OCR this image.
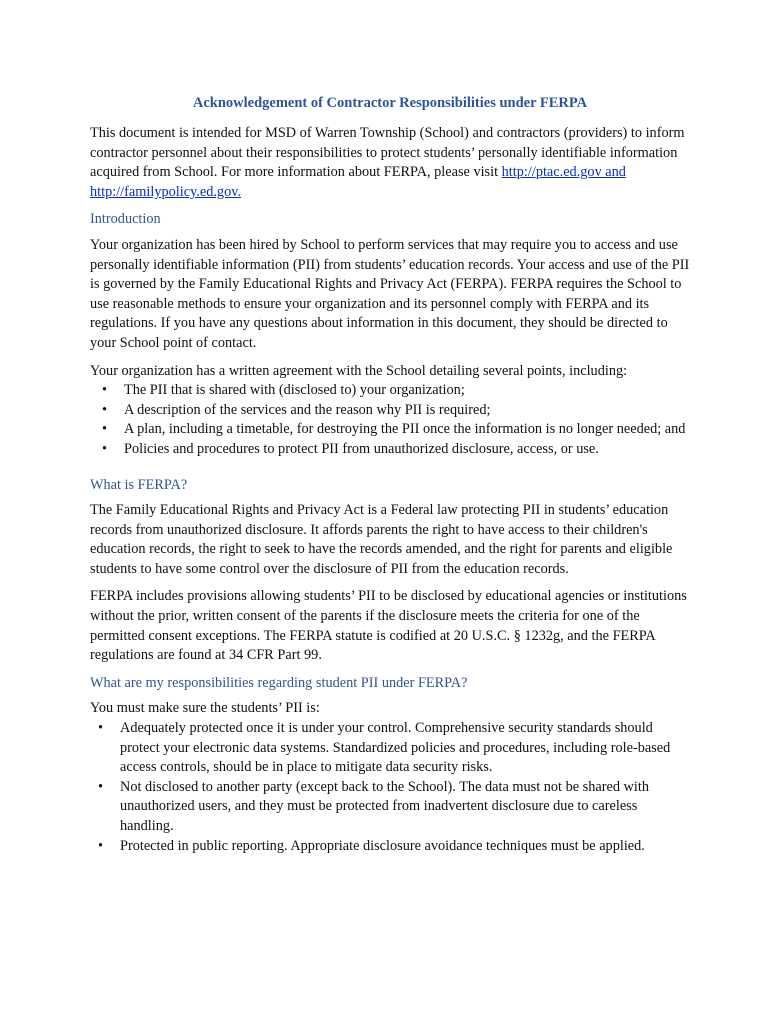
Acknowledgement of Contractor Responsibilities under FERPA

This document is intended for MSD of Warren Township (School) and contractors (providers) to inform contractor personnel about their responsibilities to protect students’ personally identifiable information acquired from School. For more information about FERPA, please visit http://ptac.ed.gov and http://familypolicy.ed.gov.

Introduction

Your organization has been hired by School to perform services that may require you to access and use personally identifiable information (PII) from students’ education records. Your access and use of the PII is governed by the Family Educational Rights and Privacy Act (FERPA). FERPA requires the School to use reasonable methods to ensure your organization and its personnel comply with FERPA and its regulations. If you have any questions about information in this document, they should be directed to your School point of contact.

Your organization has a written agreement with the School detailing several points, including:

• The PII that is shared with (disclosed to) your organization;
• A description of the services and the reason why PII is required;
• A plan, including a timetable, for destroying the PII once the information is no longer needed; and
• Policies and procedures to protect PII from unauthorized disclosure, access, or use.
What is FERPA?

The Family Educational Rights and Privacy Act is a Federal law protecting PII in students’ education records from unauthorized disclosure. It affords parents the right to have access to their children's education records, the right to seek to have the records amended, and the right for parents and eligible students to have some control over the disclosure of PII from the education records.

FERPA includes provisions allowing students’ PII to be disclosed by educational agencies or institutions without the prior, written consent of the parents if the disclosure meets the criteria for one of the permitted consent exceptions. The FERPA statute is codified at 20 U.S.C. § 1232g, and the FERPA regulations are found at 34 CFR Part 99.

What are my responsibilities regarding student PII under FERPA?

You must make sure the students’ PII is:

• Adequately protected once it is under your control. Comprehensive security standards should protect your electronic data systems. Standardized policies and procedures, including role-based access controls, should be in place to mitigate data security risks.
• Not disclosed to another party (except back to the School). The data must not be shared with unauthorized users, and they must be protected from inadvertent disclosure due to careless handling.
• Protected in public reporting. Appropriate disclosure avoidance techniques must be applied.
